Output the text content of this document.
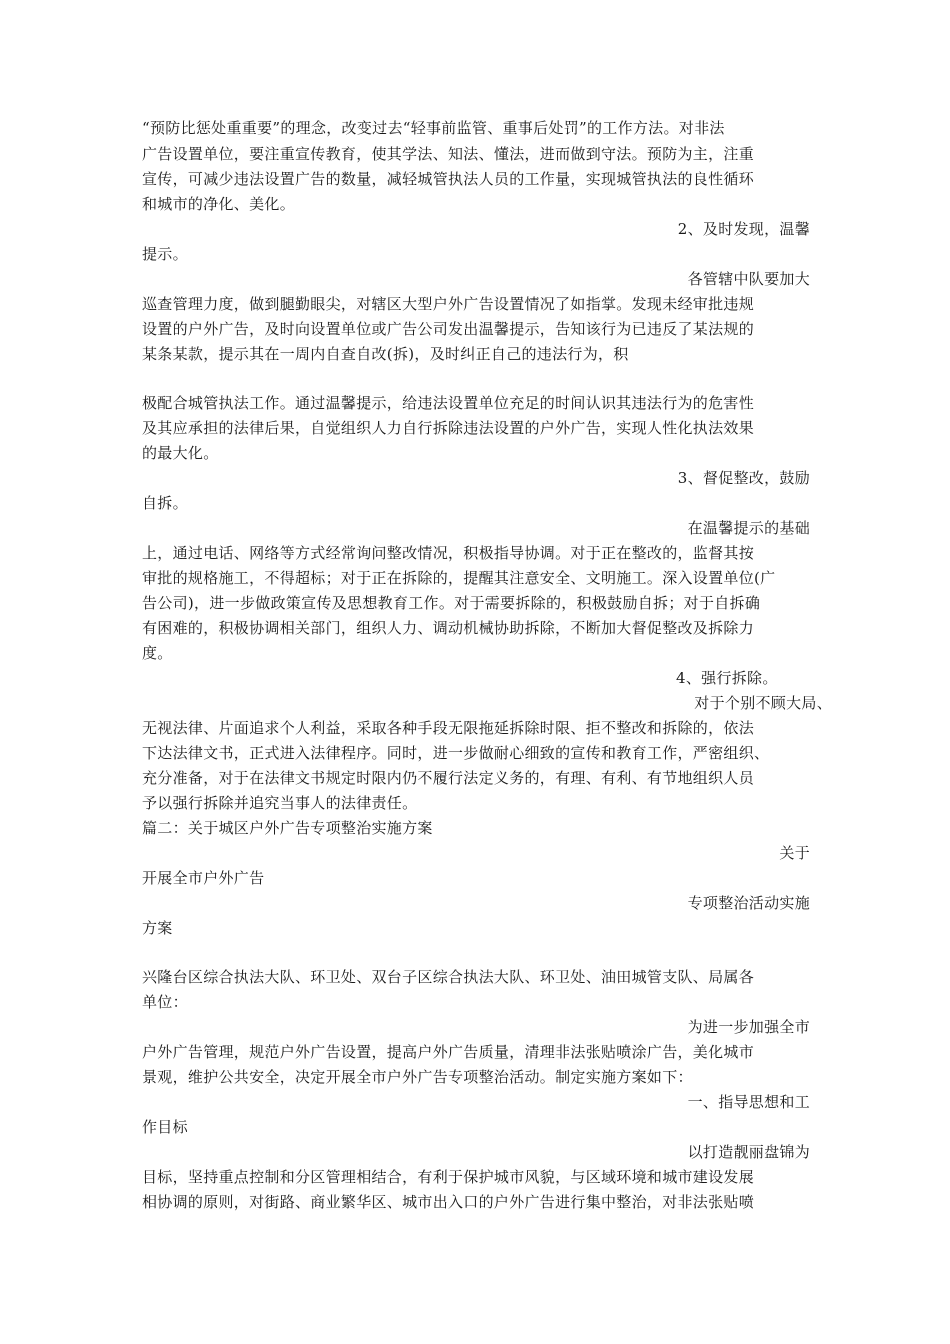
“预防比惩处重重要”的理念，改变过去“轻事前监管、重事后处罚”的工作方法。对非法
广告设置单位，要注重宣传教育，使其学法、知法、懂法，进而做到守法。预防为主，注重
宣传，可减少违法设置广告的数量，减轻城管执法人员的工作量，实现城管执法的良性循环
和城市的净化、美化。
2、及时发现，温馨
提示。
各管辖中队要加大
巡查管理力度，做到腿勤眼尖，对辖区大型户外广告设置情况了如指掌。发现未经审批违规
设置的户外广告，及时向设置单位或广告公司发出温馨提示，告知该行为已违反了某法规的
某条某款，提示其在一周内自查自改(拆)，及时纠正自己的违法行为，积
极配合城管执法工作。通过温馨提示，给违法设置单位充足的时间认识其违法行为的危害性
及其应承担的法律后果，自觉组织人力自行拆除违法设置的户外广告，实现人性化执法效果
的最大化。
3、督促整改，鼓励
自拆。
在温馨提示的基础
上，通过电话、网络等方式经常询问整改情况，积极指导协调。对于正在整改的，监督其按
审批的规格施工，不得超标；对于正在拆除的，提醒其注意安全、文明施工。深入设置单位(广
告公司)，进一步做政策宣传及思想教育工作。对于需要拆除的，积极鼓励自拆；对于自拆确
有困难的，积极协调相关部门，组织人力、调动机械协助拆除，不断加大督促整改及拆除力
度。
4、强行拆除。
对于个别不顾大局、
无视法律、片面追求个人利益，采取各种手段无限拖延拆除时限、拒不整改和拆除的，依法
下达法律文书，正式进入法律程序。同时，进一步做耐心细致的宣传和教育工作，严密组织、
充分准备，对于在法律文书规定时限内仍不履行法定义务的，有理、有利、有节地组织人员
予以强行拆除并追究当事人的法律责任。
篇二：关于城区户外广告专项整治实施方案
关于
开展全市户外广告
专项整治活动实施
方案
兴隆台区综合执法大队、环卫处、双台子区综合执法大队、环卫处、油田城管支队、局属各
单位：
为进一步加强全市
户外广告管理，规范户外广告设置，提高户外广告质量，清理非法张贴喷涂广告，美化城市
景观，维护公共安全，决定开展全市户外广告专项整治活动。制定实施方案如下：
一、指导思想和工
作目标
以打造靓丽盘锦为
目标，坚持重点控制和分区管理相结合，有利于保护城市风貌，与区域环境和城市建设发展
相协调的原则，对街路、商业繁华区、城市出入口的户外广告进行集中整治，对非法张贴喷
